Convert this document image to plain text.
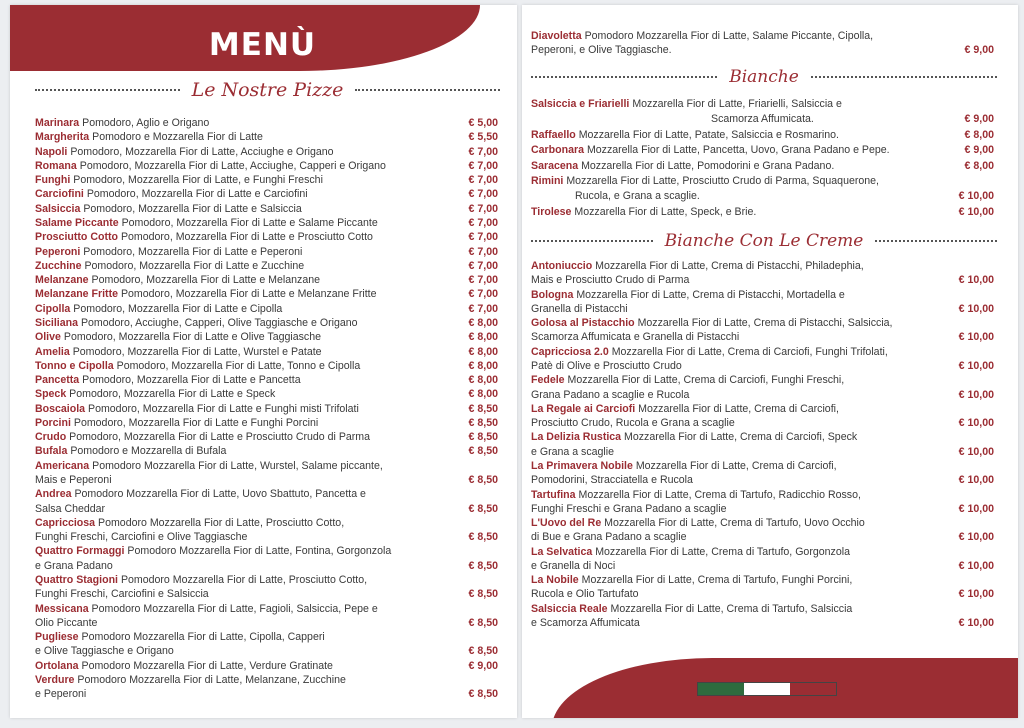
MENÙ
Le Nostre Pizze
Marinara Pomodoro, Aglio e Origano	€ 5,00
Margherita Pomodoro e Mozzarella Fior di Latte	€ 5,50
Napoli Pomodoro, Mozzarella Fior di Latte, Acciughe e Origano	€ 7,00
Romana Pomodoro, Mozzarella Fior di Latte, Acciughe, Capperi e Origano	€ 7,00
Funghi Pomodoro, Mozzarella Fior di Latte, e Funghi Freschi	€ 7,00
Carciofini Pomodoro, Mozzarella Fior di Latte e Carciofini	€ 7,00
Salsiccia Pomodoro, Mozzarella Fior di Latte e Salsiccia	€ 7,00
Salame Piccante Pomodoro, Mozzarella Fior di Latte e Salame Piccante	€ 7,00
Prosciutto Cotto Pomodoro, Mozzarella Fior di Latte e Prosciutto Cotto	€ 7,00
Peperoni Pomodoro, Mozzarella Fior di Latte e Peperoni	€ 7,00
Zucchine Pomodoro, Mozzarella Fior di Latte e Zucchine	€ 7,00
Melanzane Pomodoro, Mozzarella Fior di Latte e Melanzane	€ 7,00
Melanzane Fritte Pomodoro, Mozzarella Fior di Latte e Melanzane Fritte	€ 7,00
Cipolla Pomodoro, Mozzarella Fior di Latte e Cipolla	€ 7,00
Siciliana Pomodoro, Acciughe, Capperi, Olive Taggiasche e Origano	€ 8,00
Olive Pomodoro, Mozzarella Fior di Latte e Olive Taggiasche	€ 8,00
Amelia Pomodoro, Mozzarella Fior di Latte, Wurstel e Patate	€ 8,00
Tonno e Cipolla Pomodoro, Mozzarella Fior di Latte, Tonno e Cipolla	€ 8,00
Pancetta Pomodoro, Mozzarella Fior di Latte e Pancetta	€ 8,00
Speck Pomodoro, Mozzarella Fior di Latte e Speck	€ 8,00
Boscaiola Pomodoro, Mozzarella Fior di Latte e Funghi misti Trifolati	€ 8,50
Porcini Pomodoro, Mozzarella Fior di Latte e Funghi Porcini	€ 8,50
Crudo Pomodoro, Mozzarella Fior di Latte e Prosciutto Crudo di Parma	€ 8,50
Bufala Pomodoro e Mozzarella di Bufala	€ 8,50
Americana Pomodoro Mozzarella Fior di Latte, Wurstel, Salame piccante,
Mais e Peperoni	€ 8,50
Andrea Pomodoro Mozzarella Fior di Latte, Uovo Sbattuto, Pancetta e
Salsa Cheddar	€ 8,50
Capricciosa Pomodoro Mozzarella Fior di Latte, Prosciutto Cotto,
Funghi Freschi, Carciofini e Olive Taggiasche	€ 8,50
Quattro Formaggi Pomodoro Mozzarella Fior di Latte, Fontina, Gorgonzola
e Grana Padano	€ 8,50
Quattro Stagioni Pomodoro Mozzarella Fior di Latte, Prosciutto Cotto,
Funghi Freschi, Carciofini e Salsiccia	€ 8,50
Messicana Pomodoro Mozzarella Fior di Latte, Fagioli, Salsiccia, Pepe e
Olio Piccante	€ 8,50
Pugliese Pomodoro Mozzarella Fior di Latte, Cipolla, Capperi
e Olive Taggiasche e Origano	€ 8,50
Ortolana Pomodoro Mozzarella Fior di Latte, Verdure Gratinate	€ 9,00
Verdure Pomodoro Mozzarella Fior di Latte, Melanzane, Zucchine
e Peperoni	€ 8,50
Diavoletta Pomodoro Mozzarella Fior di Latte, Salame Piccante, Cipolla,
Peperoni, e Olive Taggiasche.	€ 9,00
Bianche
Salsiccia e Friarielli Mozzarella Fior di Latte, Friarielli, Salsiccia e
Scamorza Affumicata.	€ 9,00
Raffaello Mozzarella Fior di Latte, Patate, Salsiccia e Rosmarino.	€ 8,00
Carbonara Mozzarella Fior di Latte, Pancetta, Uovo, Grana Padano e Pepe.	€ 9,00
Saracena Mozzarella Fior di Latte, Pomodorini e Grana Padano.	€ 8,00
Rimini Mozzarella Fior di Latte, Prosciutto Crudo di Parma, Squaquerone,
Rucola, e Grana a scaglie.	€ 10,00
Tirolese Mozzarella Fior di Latte, Speck, e Brie.	€ 10,00
Bianche Con Le Creme
Antoniuccio Mozzarella Fior di Latte, Crema di Pistacchi, Philadephia,
Mais e Prosciutto Crudo di Parma	€ 10,00
Bologna Mozzarella Fior di Latte, Crema di Pistacchi, Mortadella e
Granella di Pistacchi	€ 10,00
Golosa al Pistacchio Mozzarella Fior di Latte, Crema di Pistacchi, Salsiccia,
Scamorza Affumicata e Granella di Pistacchi	€ 10,00
Capricciosa 2.0 Mozzarella Fior di Latte, Crema di Carciofi, Funghi Trifolati,
Patè di Olive e Prosciutto Crudo	€ 10,00
Fedele Mozzarella Fior di Latte, Crema di Carciofi, Funghi Freschi,
Grana Padano a scaglie e Rucola	€ 10,00
La Regale ai Carciofi Mozzarella Fior di Latte, Crema di Carciofi,
Prosciutto Crudo, Rucola e Grana a scaglie	€ 10,00
La Delizia Rustica Mozzarella Fior di Latte, Crema di Carciofi, Speck
e Grana a scaglie	€ 10,00
La Primavera Nobile Mozzarella Fior di Latte, Crema di Carciofi,
Pomodorini, Stracciatella e Rucola	€ 10,00
Tartufina Mozzarella Fior di Latte, Crema di Tartufo, Radicchio Rosso,
Funghi Freschi e Grana Padano a scaglie	€ 10,00
L'Uovo del Re Mozzarella Fior di Latte, Crema di Tartufo, Uovo Occhio
di Bue e Grana Padano a scaglie	€ 10,00
La Selvatica Mozzarella Fior di Latte, Crema di Tartufo, Gorgonzola
e Granella di Noci	€ 10,00
La Nobile Mozzarella Fior di Latte, Crema di Tartufo, Funghi Porcini,
Rucola e Olio Tartufato	€ 10,00
Salsiccia Reale Mozzarella Fior di Latte, Crema di Tartufo, Salsiccia
e Scamorza Affumicata	€ 10,00
